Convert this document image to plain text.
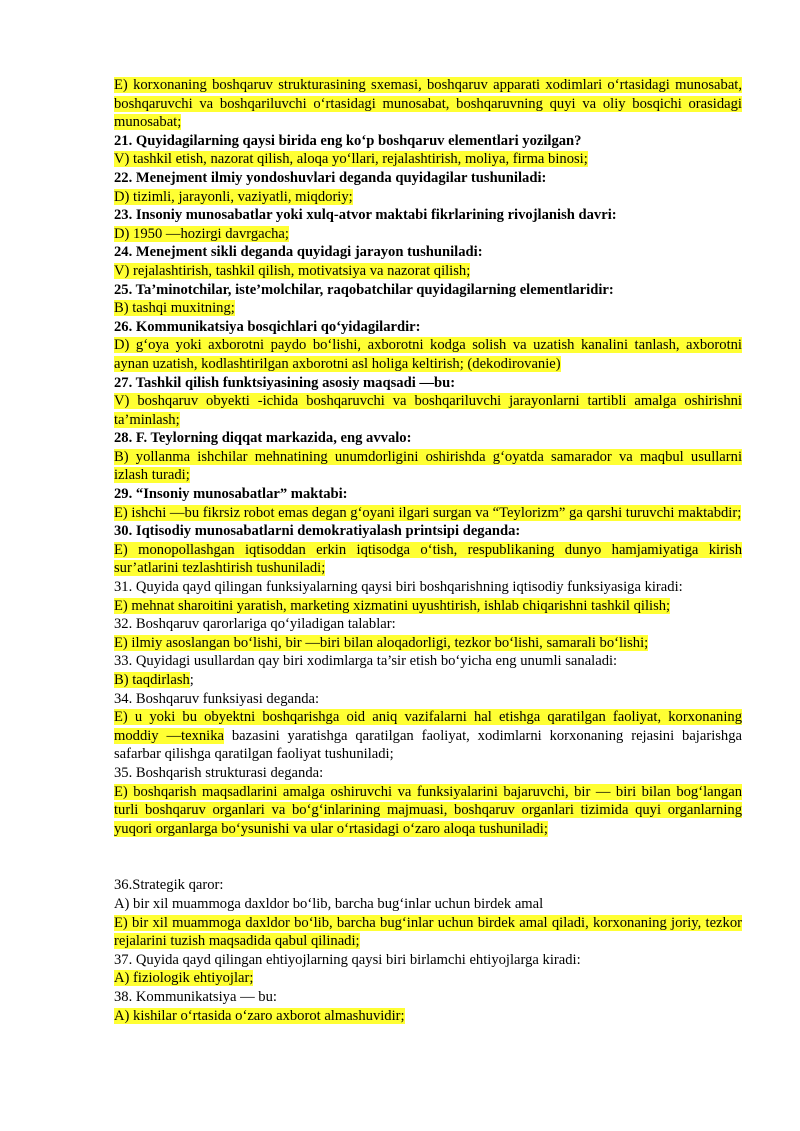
E) korxonaning boshqaruv strukturasining sxemasi, boshqaruv apparati xodimlari o‘rtasidagi munosabat, boshqaruvchi va boshqariluvchi o‘rtasidagi munosabat, boshqaruvning quyi va oliy bosqichi orasidagi munosabat;

21. Quyidagilarning qaysi birida eng ko‘p boshqaruv elementlari yozilgan?

V) tashkil etish, nazorat qilish, aloqa yo‘llari, rejalashtirish, moliya, firma binosi;

22. Menejment ilmiy yondoshuvlari deganda quyidagilar tushuniladi:

D) tizimli, jarayonli, vaziyatli, miqdoriy;

23. Insoniy munosabatlar yoki xulq-atvor maktabi fikrlarining rivojlanish davri:

D) 1950 —hozirgi davrgacha;

24. Menejment sikli deganda quyidagi jarayon tushuniladi:

V) rejalashtirish, tashkil qilish, motivatsiya va nazorat qilish;

25. Ta’minotchilar, iste’molchilar, raqobatchilar quyidagilarning elementlaridir:

B) tashqi muxitning;

26. Kommunikatsiya bosqichlari qo‘yidagilardir:

D) g‘oya yoki axborotni paydo bo‘lishi, axborotni kodga solish va uzatish kanalini tanlash, axborotni aynan uzatish, kodlashtirilgan axborotni asl holiga keltirish; (dekodirovanie)

27. Tashkil qilish funktsiyasining asosiy maqsadi —bu:

V) boshqaruv obyekti -ichida boshqaruvchi va boshqariluvchi jarayonlarni tartibli amalga oshirishni ta’minlash;

28. F. Teylorning diqqat markazida, eng avvalo:

B) yollanma ishchilar mehnatining unumdorligini oshirishda g‘oyatda samarador va maqbul usullarni izlash turadi;

29. “Insoniy munosabatlar” maktabi:

E) ishchi —bu fikrsiz robot emas degan g‘oyani ilgari surgan va “Teylorizm” ga qarshi turuvchi maktabdir;

30. Iqtisodiy munosabatlarni demokratiyalash printsipi deganda:

E) monopollashgan iqtisoddan erkin iqtisodga o‘tish, respublikaning dunyo hamjamiyatiga kirish sur’atlarini tezlashtirish tushuniladi;

31. Quyida qayd qilingan funksiyalarning qaysi biri boshqarishning iqtisodiy funksiyasiga kiradi:

E) mehnat sharoitini yaratish, marketing xizmatini uyushtirish, ishlab chiqarishni tashkil qilish;

32. Boshqaruv qarorlariga qo‘yiladigan talablar:

E) ilmiy asoslangan bo‘lishi, bir —biri bilan aloqadorligi, tezkor bo‘lishi, samarali bo‘lishi;

33. Quyidagi usullardan qay biri xodimlarga ta’sir etish bo‘yicha eng unumli sanaladi:

B) taqdirlash;

34. Boshqaruv funksiyasi deganda:

E) u yoki bu obyektni boshqarishga oid aniq vazifalarni hal etishga qaratilgan faoliyat, korxonaning moddiy —texnika bazasini yaratishga qaratilgan faoliyat, xodimlarni korxonaning rejasini bajarishga safarbar qilishga qaratilgan faoliyat tushuniladi;

35. Boshqarish strukturasi deganda:

E) boshqarish maqsadlarini amalga oshiruvchi va funksiyalarini bajaruvchi, bir — biri bilan bog‘langan turli boshqaruv organlari va bo‘g‘inlarining majmuasi, boshqaruv organlari tizimida quyi organlarning yuqori organlarga bo‘ysunishi va ular o‘rtasidagi o‘zaro aloqa tushuniladi;

36.Strategik qaror:

A) bir xil muammoga daxldor bo‘lib, barcha bug‘inlar uchun birdek amal

E) bir xil muammoga daxldor bo‘lib, barcha bug‘inlar uchun birdek amal qiladi, korxonaning joriy, tezkor rejalarini tuzish maqsadida qabul qilinadi;

37. Quyida qayd qilingan ehtiyojlarning qaysi biri birlamchi ehtiyojlarga kiradi:

A) fiziologik ehtiyojlar;

38. Kommunikatsiya — bu:

A) kishilar o‘rtasida o‘zaro axborot almashuvidir;
